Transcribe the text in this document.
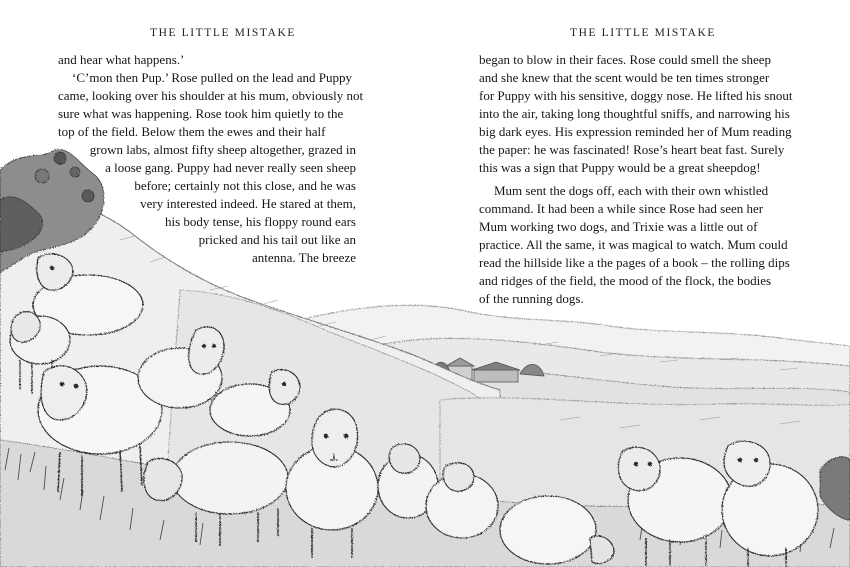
THE LITTLE MISTAKE	THE LITTLE MISTAKE
and hear what happens.’
‘C’mon then Pup.’ Rose pulled on the lead and Puppy
came, looking over his shoulder at his mum, obviously not
sure what was happening. Rose took him quietly to the
top of the field. Below them the ewes and their half
grown labs, almost fifty sheep altogether, grazed in
a loose gang. Puppy had never really seen sheep
before; certainly not this close, and he was
very interested indeed. He stared at them,
his body tense, his floppy round ears
pricked and his tail out like an
antenna. The breeze
began to blow in their faces. Rose could smell the sheep
and she knew that the scent would be ten times stronger
for Puppy with his sensitive, doggy nose. He lifted his snout
into the air, taking long thoughtful sniffs, and narrowing his
big dark eyes. His expression reminded her of Mum reading
the paper: he was fascinated! Rose’s heart beat fast. Surely
this was a sign that Puppy would be a great sheepdog!
Mum sent the dogs off, each with their own whistled
command. It had been a while since Rose had seen her
Mum working two dogs, and Trixie was a little out of
practice. All the same, it was magical to watch. Mum could
read the hillside like a the pages of a book – the rolling dips
and ridges of the field, the mood of the flock, the bodies
of the running dogs.
